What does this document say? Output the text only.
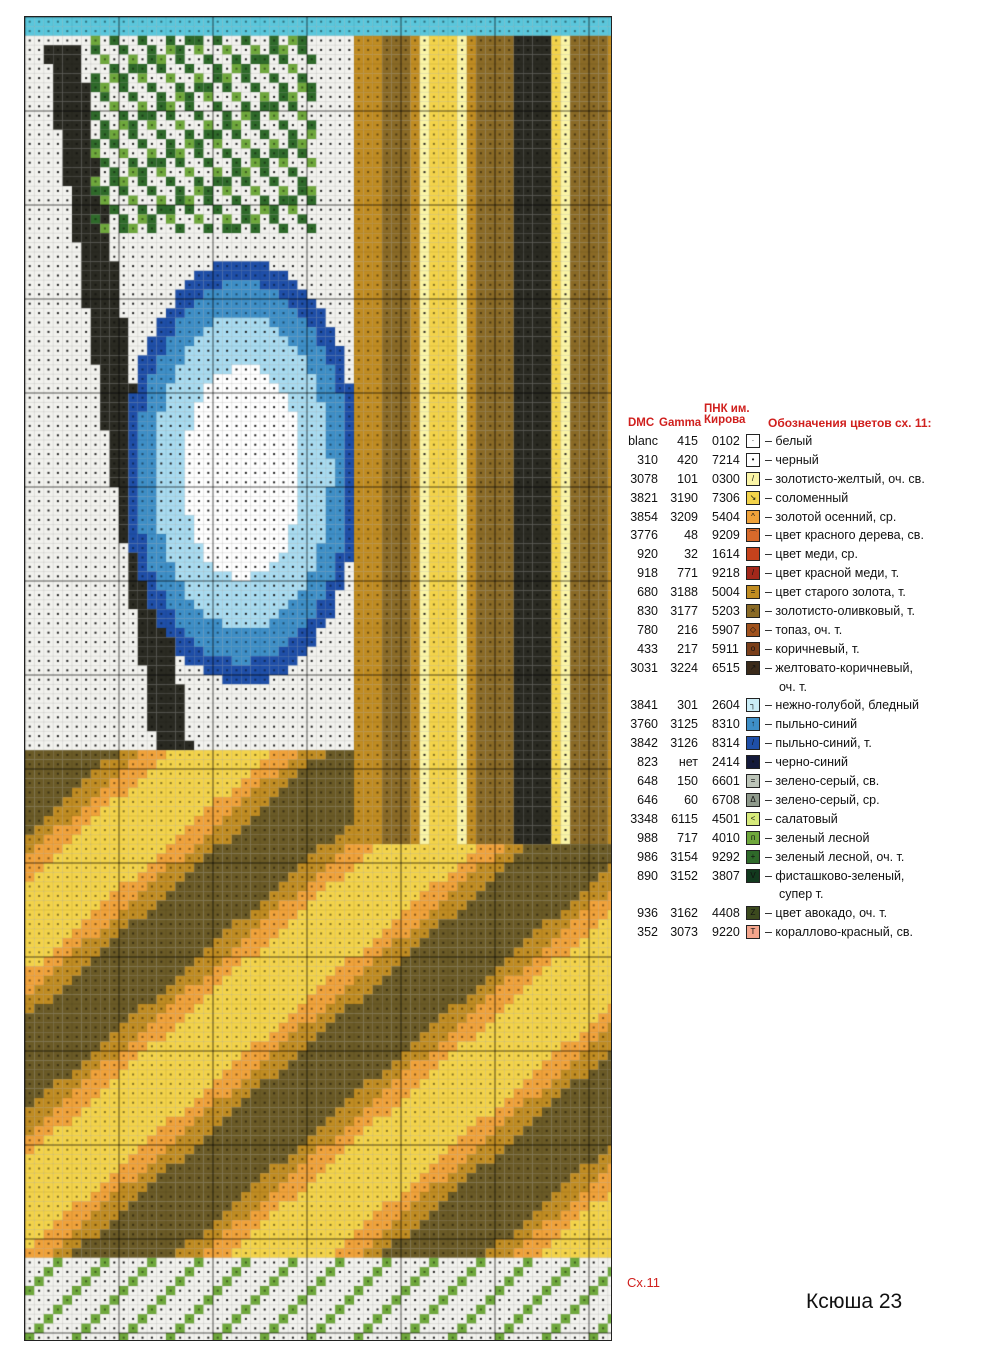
DMC Gamma
ПНК им. Кирова	Обозначения цветов сх. 11:
blanc	415 0102	· – белый
310	420 7214	• – черный
3078	101 0300	/ – золотисто-желтый, оч. св.
3821 3190 7306	↘ – соломенный
3854 3209 5404	^ – золотой осенний, ср.
3776	48 9209	⌒ – цвет красного дерева, св.
920	32 1614 – цвет меди, ср.
918	771 9218	/ – цвет красной меди, т.
680 3188 5004	= – цвет старого золота, т.
830 3177 5203	× – золотисто-оливковый, т.
780	216 5907	◇ – топаз, оч. т.
433	217 5911	o – коричневый, т.
3031 3224 6515	↗ – желтовато-коричневый,
оч. т.
3841	301 2604	┐ – нежно-голубой, бледный
3760 3125 8310	↑ – пыльно-синий
3842 3126 8314	/ – пыльно-синий, т.
823	нет 2414	▪ – черно-синий
648	150 6601	= – зелено-серый, св.
646	60 6708	Δ – зелено-серый, ср.
3348	6115 4501	< – салатовый
988	717 4010	п – зеленый лесной
986 3154 9292	+ – зеленый лесной, оч. т.
890 3152 3807	V – фисташково-зеленый,
супер т.
936 3162 4408	Z – цвет авокадо, оч. т.
352 3073 9220	T – кораллово-красный, св.
Сх.11
Ксюша 23
